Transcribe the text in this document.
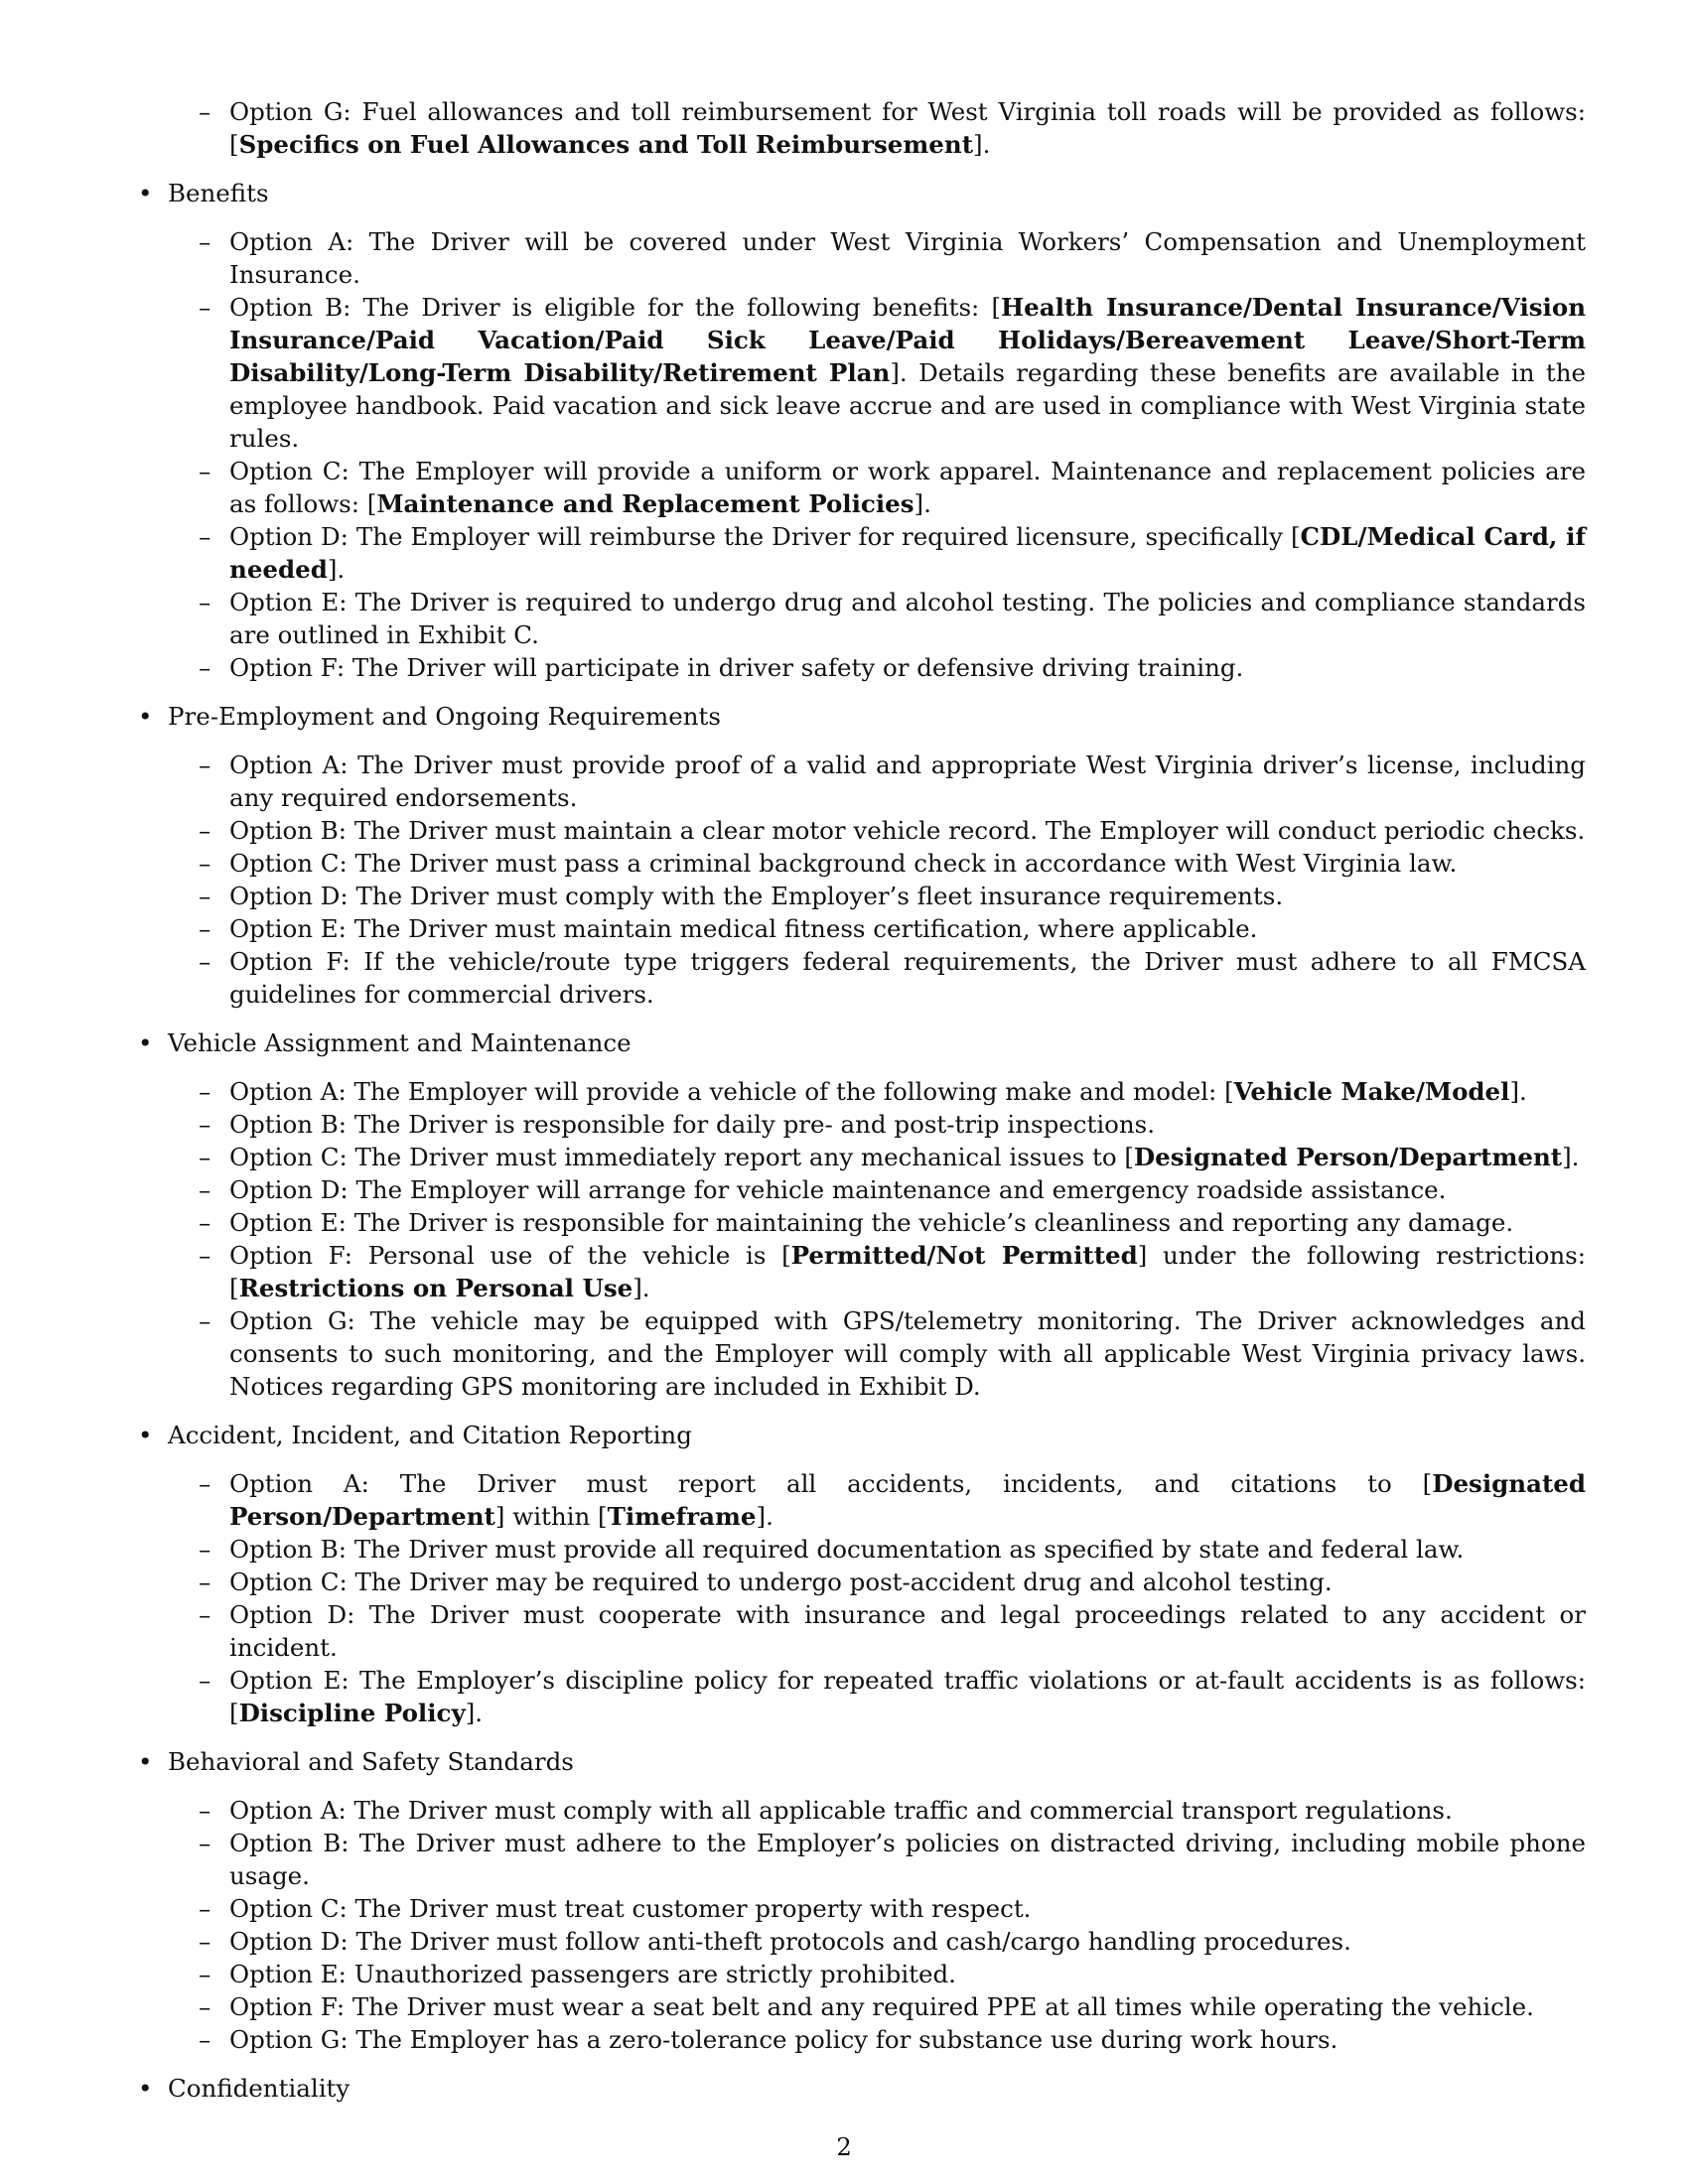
– Option G: Fuel allowances and toll reimbursement for West Virginia toll roads will be provided as follows: [Specifics on Fuel Allowances and Toll Reimbursement].
• Benefits
– Option A: The Driver will be covered under West Virginia Workers’ Compensation and Unemployment Insurance.
– Option B: The Driver is eligible for the following benefits: [Health Insurance/Dental Insurance/Vision Insurance/Paid Vacation/Paid Sick Leave/Paid Holidays/Bereavement Leave/Short-Term Disability/Long-Term Disability/Retirement Plan]. Details regarding these benefits are available in the employee handbook. Paid vacation and sick leave accrue and are used in compliance with West Virginia state rules.
– Option C: The Employer will provide a uniform or work apparel. Maintenance and replacement policies are as follows: [Maintenance and Replacement Policies].
– Option D: The Employer will reimburse the Driver for required licensure, specifically [CDL/Medical Card, if needed].
– Option E: The Driver is required to undergo drug and alcohol testing. The policies and compliance standards are outlined in Exhibit C.
– Option F: The Driver will participate in driver safety or defensive driving training.
• Pre-Employment and Ongoing Requirements
– Option A: The Driver must provide proof of a valid and appropriate West Virginia driver’s license, including any required endorsements.
– Option B: The Driver must maintain a clear motor vehicle record. The Employer will conduct periodic checks.
– Option C: The Driver must pass a criminal background check in accordance with West Virginia law.
– Option D: The Driver must comply with the Employer’s fleet insurance requirements.
– Option E: The Driver must maintain medical fitness certification, where applicable.
– Option F: If the vehicle/route type triggers federal requirements, the Driver must adhere to all FMCSA guidelines for commercial drivers.
• Vehicle Assignment and Maintenance
– Option A: The Employer will provide a vehicle of the following make and model: [Vehicle Make/Model].
– Option B: The Driver is responsible for daily pre- and post-trip inspections.
– Option C: The Driver must immediately report any mechanical issues to [Designated Person/Department].
– Option D: The Employer will arrange for vehicle maintenance and emergency roadside assistance.
– Option E: The Driver is responsible for maintaining the vehicle’s cleanliness and reporting any damage.
– Option F: Personal use of the vehicle is [Permitted/Not Permitted] under the following restrictions: [Restrictions on Personal Use].
– Option G: The vehicle may be equipped with GPS/telemetry monitoring. The Driver acknowledges and consents to such monitoring, and the Employer will comply with all applicable West Virginia privacy laws. Notices regarding GPS monitoring are included in Exhibit D.
• Accident, Incident, and Citation Reporting
– Option A: The Driver must report all accidents, incidents, and citations to [Designated Person/Department] within [Timeframe].
– Option B: The Driver must provide all required documentation as specified by state and federal law.
– Option C: The Driver may be required to undergo post-accident drug and alcohol testing.
– Option D: The Driver must cooperate with insurance and legal proceedings related to any accident or incident.
– Option E: The Employer’s discipline policy for repeated traffic violations or at-fault accidents is as follows: [Discipline Policy].
• Behavioral and Safety Standards
– Option A: The Driver must comply with all applicable traffic and commercial transport regulations.
– Option B: The Driver must adhere to the Employer’s policies on distracted driving, including mobile phone usage.
– Option C: The Driver must treat customer property with respect.
– Option D: The Driver must follow anti-theft protocols and cash/cargo handling procedures.
– Option E: Unauthorized passengers are strictly prohibited.
– Option F: The Driver must wear a seat belt and any required PPE at all times while operating the vehicle.
– Option G: The Employer has a zero-tolerance policy for substance use during work hours.
• Confidentiality
2
